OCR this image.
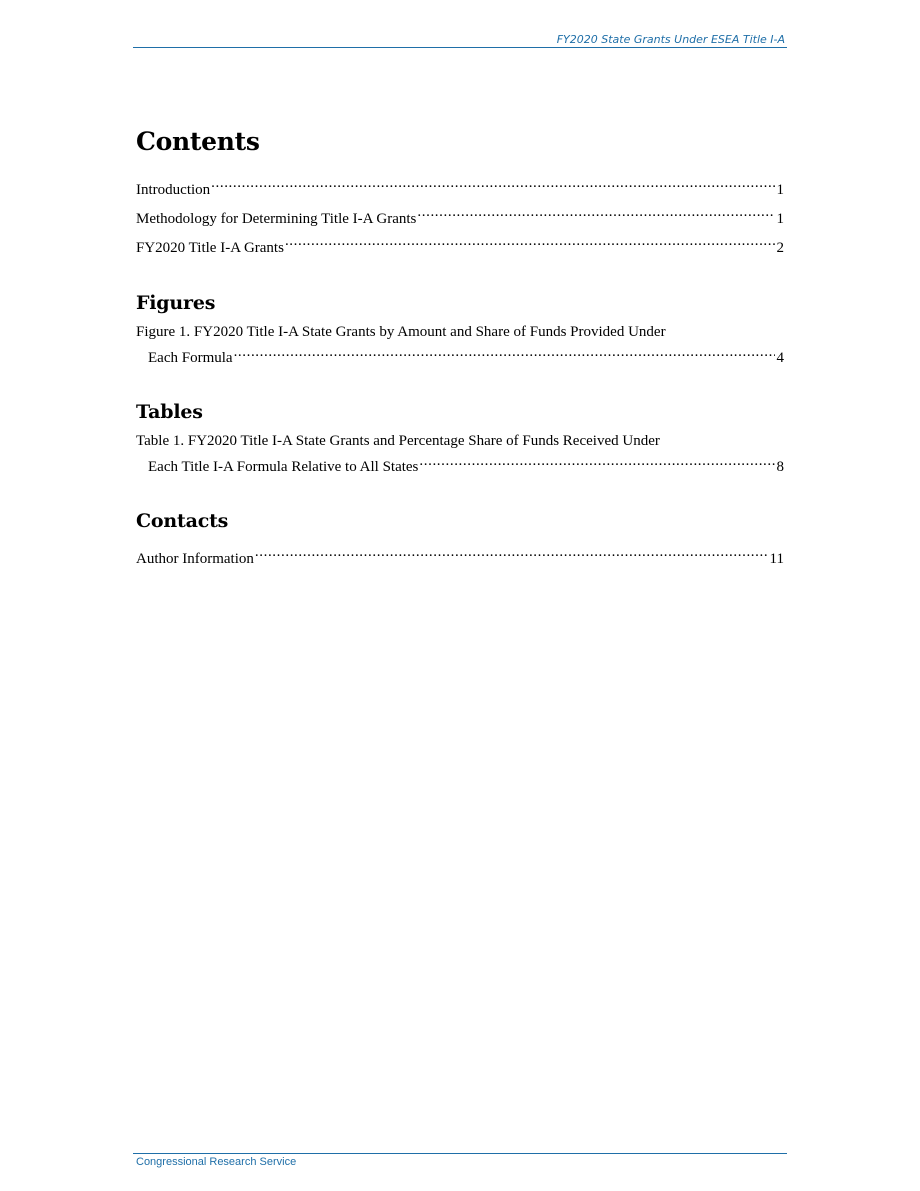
FY2020 State Grants Under ESEA Title I-A
Contents
Introduction .....	1
Methodology for Determining Title I-A Grants .....	1
FY2020 Title I-A Grants .....	2
Figures
Figure 1. FY2020 Title I-A State Grants by Amount and Share of Funds Provided Under
Each Formula .....	4
Tables
Table 1. FY2020 Title I-A State Grants and Percentage Share of Funds Received Under
Each Title I-A Formula Relative to All States .....	8
Contacts
Author Information .....	11
Congressional Research Service
